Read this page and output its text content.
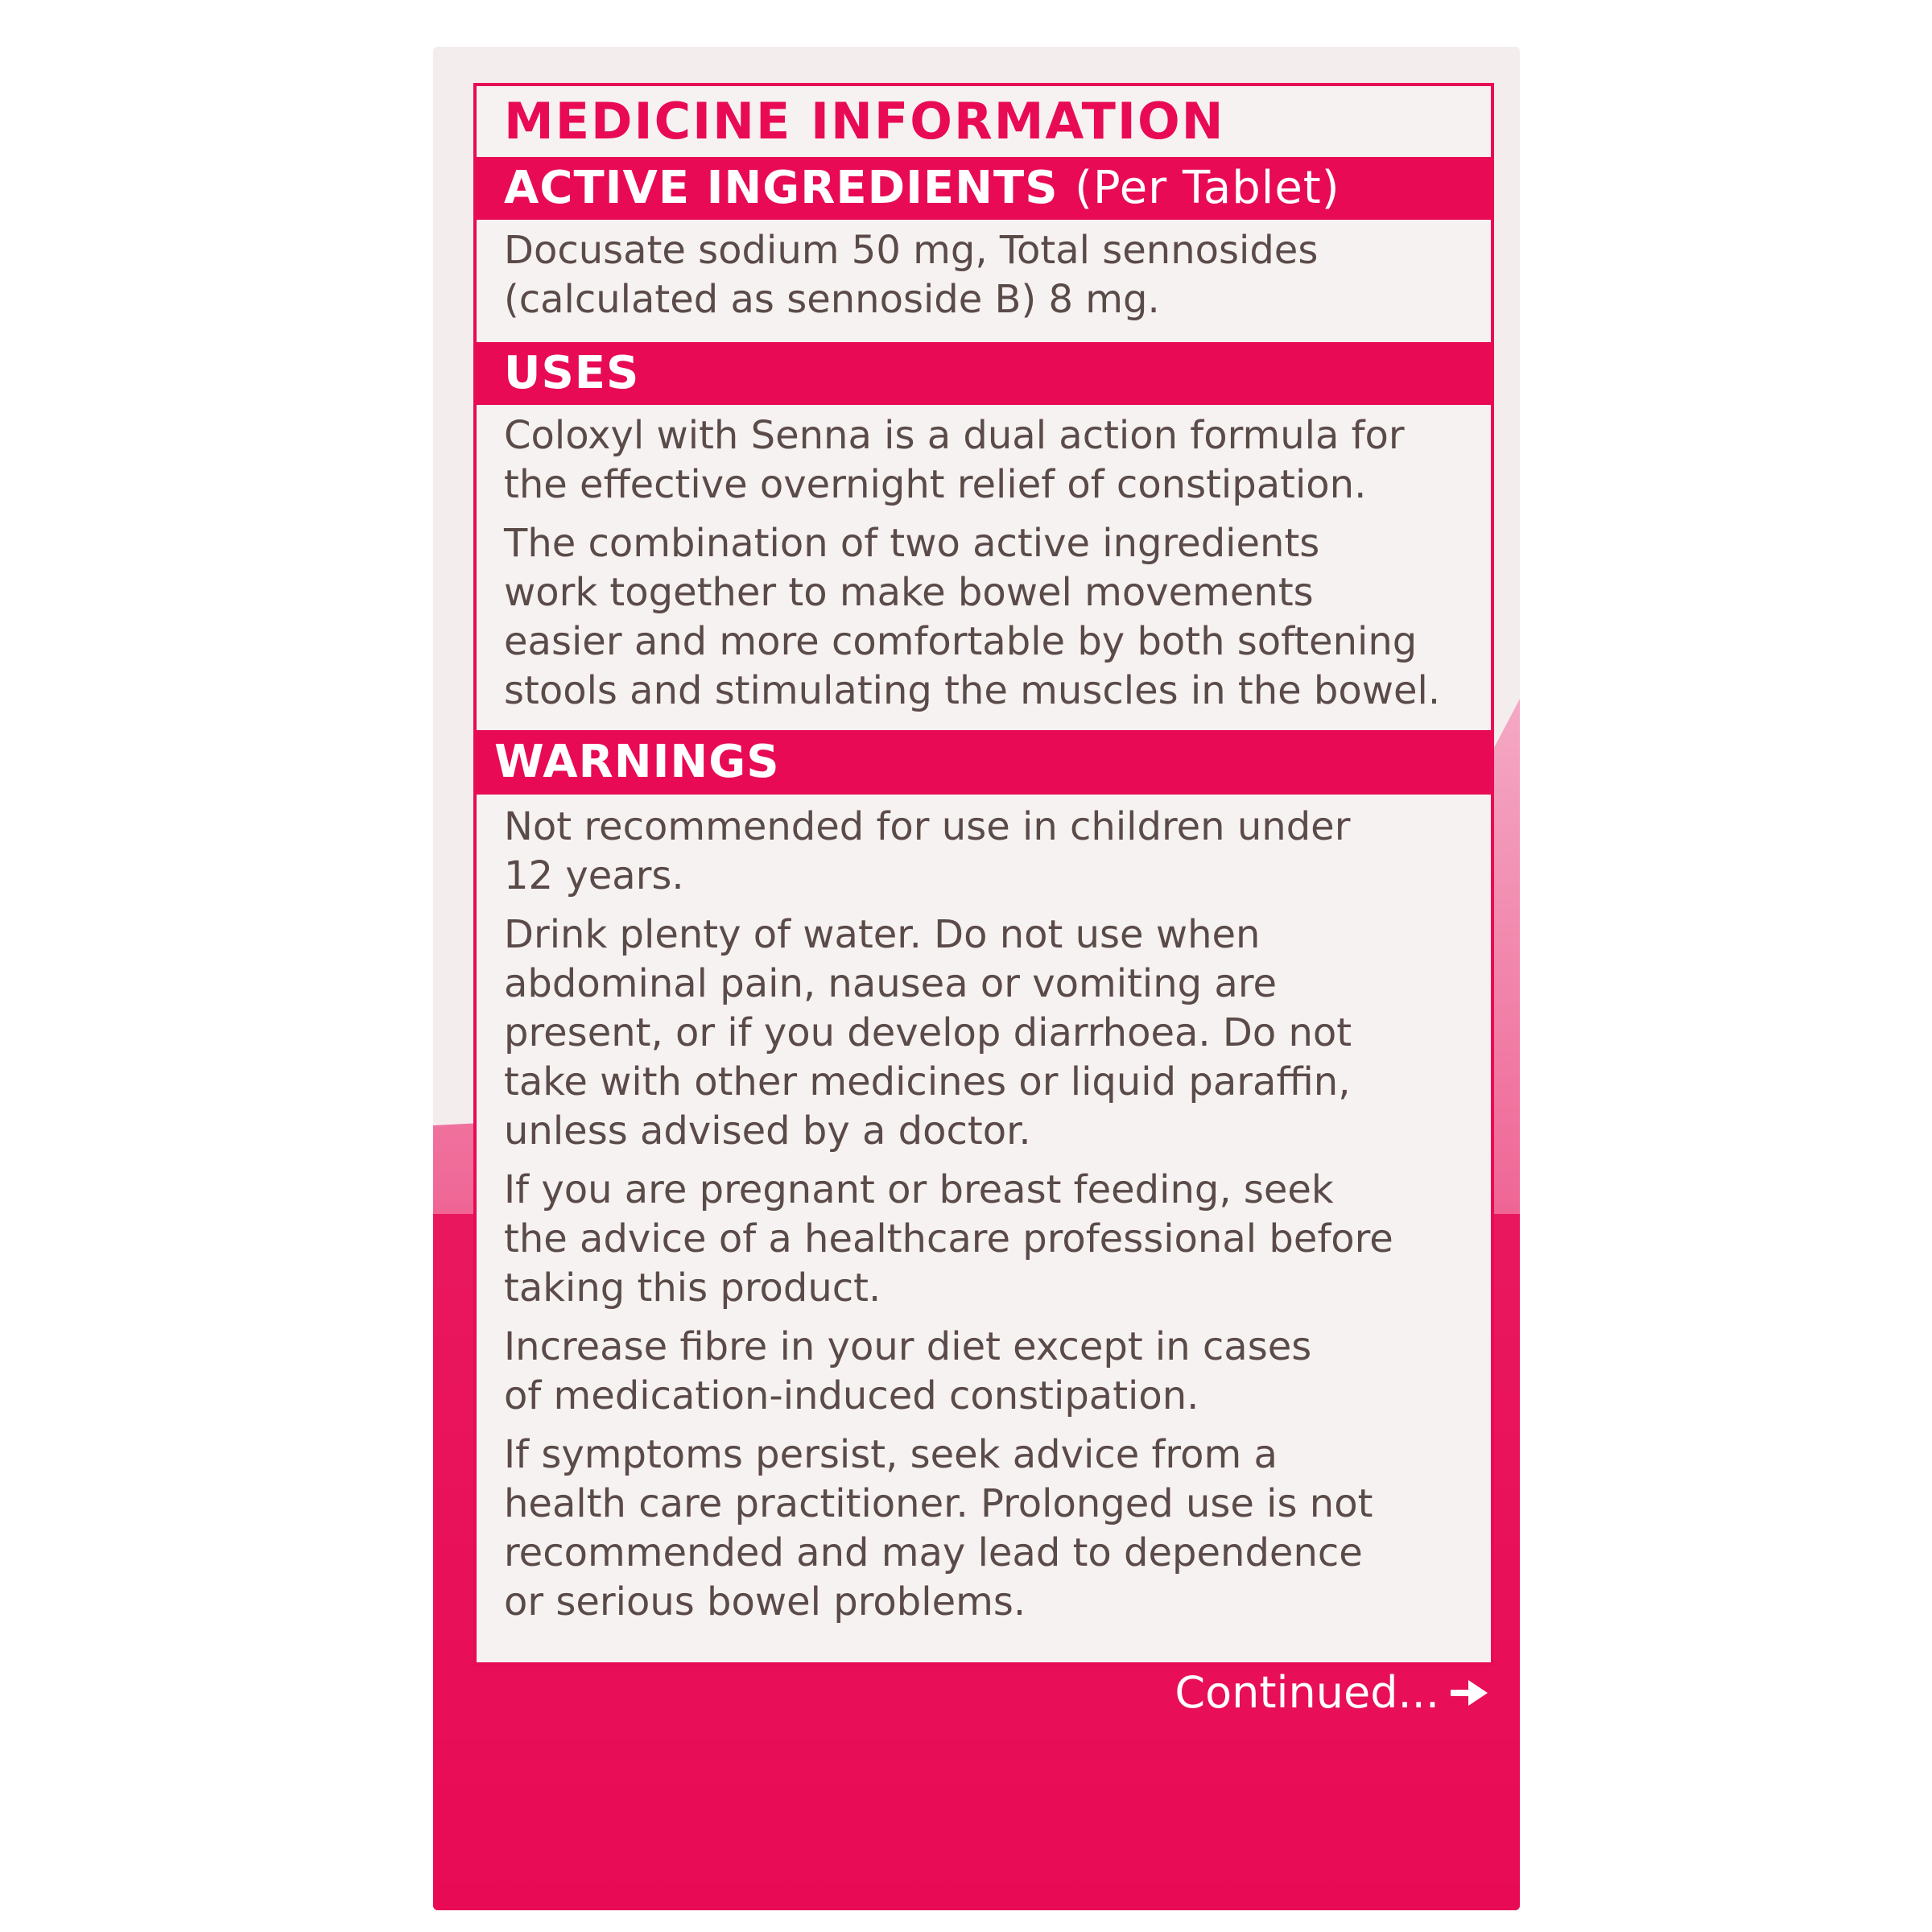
MEDICINE INFORMATION
ACTIVE INGREDIENTS (Per Tablet)
Docusate sodium 50 mg, Total sennosides
(calculated as sennoside B) 8 mg.
USES
Coloxyl with Senna is a dual action formula for
the effective overnight relief of constipation.
The combination of two active ingredients
work together to make bowel movements
easier and more comfortable by both softening
stools and stimulating the muscles in the bowel.
WARNINGS
Not recommended for use in children under
12 years.
Drink plenty of water. Do not use when
abdominal pain, nausea or vomiting are
present, or if you develop diarrhoea. Do not
take with other medicines or liquid paraffin,
unless advised by a doctor.
If you are pregnant or breast feeding, seek
the advice of a healthcare professional before
taking this product.
Increase fibre in your diet except in cases
of medication-induced constipation.
If symptoms persist, seek advice from a
health care practitioner. Prolonged use is not
recommended and may lead to dependence
or serious bowel problems.
Continued...
